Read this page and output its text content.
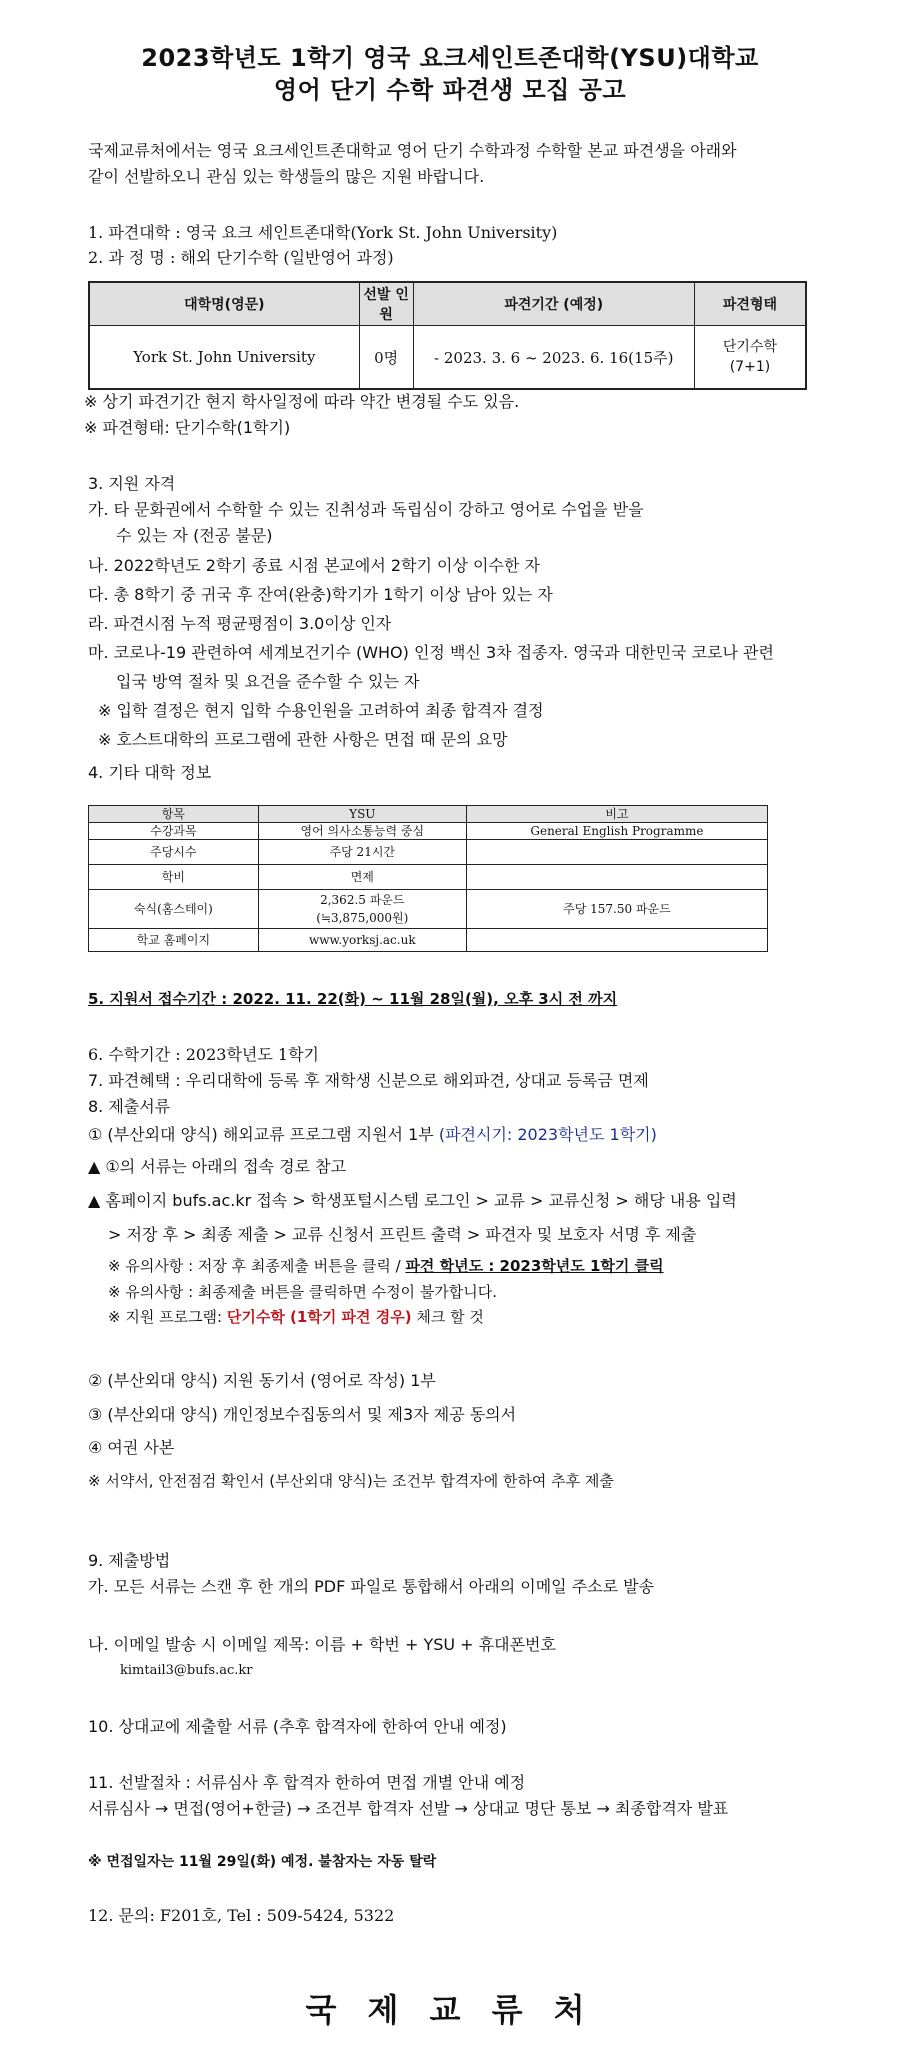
2023학년도 1학기 영국 요크세인트존대학(YSU)대학교
영어 단기 수학 파견생 모집 공고
국제교류처에서는 영국 요크세인트존대학교 영어 단기 수학과정 수학할 본교 파견생을 아래와
같이 선발하오니 관심 있는 학생들의 많은 지원 바랍니다.
1. 파견대학 : 영국 요크 세인트존대학(York St. John University)
2. 과 정 명 : 해외 단기수학 (일반영어 과정)
대학명(영문)	선발 인원	파견기간 (예정)	파견형태
York St. John University	0명	- 2023. 3. 6 ~ 2023. 6. 16(15주)	단기수학
(7+1)
※ 상기 파견기간 현지 학사일정에 따라 약간 변경될 수도 있음.
※ 파견형태: 단기수학(1학기)
3. 지원 자격
가. 타 문화권에서 수학할 수 있는 진취성과 독립심이 강하고 영어로 수업을 받을
수 있는 자 (전공 불문)
나. 2022학년도 2학기 종료 시점 본교에서 2학기 이상 이수한 자
다. 총 8학기 중 귀국 후 잔여(완충)학기가 1학기 이상 남아 있는 자
라. 파견시점 누적 평균평점이 3.0이상 인자
마. 코로나-19 관련하여 세계보건기수 (WHO) 인정 백신 3차 접종자. 영국과 대한민국 코로나 관련
입국 방역 절차 및 요건을 준수할 수 있는 자
※ 입학 결정은 현지 입학 수용인원을 고려하여 최종 합격자 결정
※ 호스트대학의 프로그램에 관한 사항은 면접 때 문의 요망
4. 기타 대학 정보
항목	YSU	비고
수강과목	영어 의사소통능력 중심	General English Programme
주당시수	주당 21시간	
학비	면제	
숙식(홈스테이)	2,362.5 파운드
(≒3,875,000원)	주당 157.50 파운드
학교 홈페이지	www.yorksj.ac.uk	
5. 지원서 접수기간 : 2022. 11. 22(화) ~ 11월 28일(월), 오후 3시 전 까지
6. 수학기간 : 2023학년도 1학기
7. 파견혜택 : 우리대학에 등록 후 재학생 신분으로 해외파견, 상대교 등록금 면제
8. 제출서류
① (부산외대 양식) 해외교류 프로그램 지원서 1부 (파견시기: 2023학년도 1학기)
▲ ①의 서류는 아래의 접속 경로 참고
▲ 홈페이지 bufs.ac.kr 접속 > 학생포털시스템 로그인 > 교류 > 교류신청 > 해당 내용 입력
> 저장 후 > 최종 제출 > 교류 신청서 프린트 출력 > 파견자 및 보호자 서명 후 제출
※ 유의사항 : 저장 후 최종제출 버튼을 클릭 / 파견 학년도 : 2023학년도 1학기 클릭
※ 유의사항 : 최종제출 버튼을 클릭하면 수정이 불가합니다.
※ 지원 프로그램: 단기수학 (1학기 파견 경우) 체크 할 것
② (부산외대 양식) 지원 동기서 (영어로 작성) 1부
③ (부산외대 양식) 개인정보수집동의서 및 제3자 제공 동의서
④ 여권 사본
※ 서약서, 안전점검 확인서 (부산외대 양식)는 조건부 합격자에 한하여 추후 제출
9. 제출방법
가. 모든 서류는 스캔 후 한 개의 PDF 파일로 통합해서 아래의 이메일 주소로 발송
나. 이메일 발송 시 이메일 제목: 이름 + 학번 + YSU + 휴대폰번호
kimtail3@bufs.ac.kr
10. 상대교에 제출할 서류 (추후 합격자에 한하여 안내 예정)
11. 선발절차 : 서류심사 후 합격자 한하여 면접 개별 안내 예정
서류심사 → 면접(영어+한글) → 조건부 합격자 선발 → 상대교 명단 통보 → 최종합격자 발표
※ 면접일자는 11월 29일(화) 예정. 불참자는 자동 탈락
12. 문의: F201호, Tel : 509-5424, 5322
국 제 교 류 처
